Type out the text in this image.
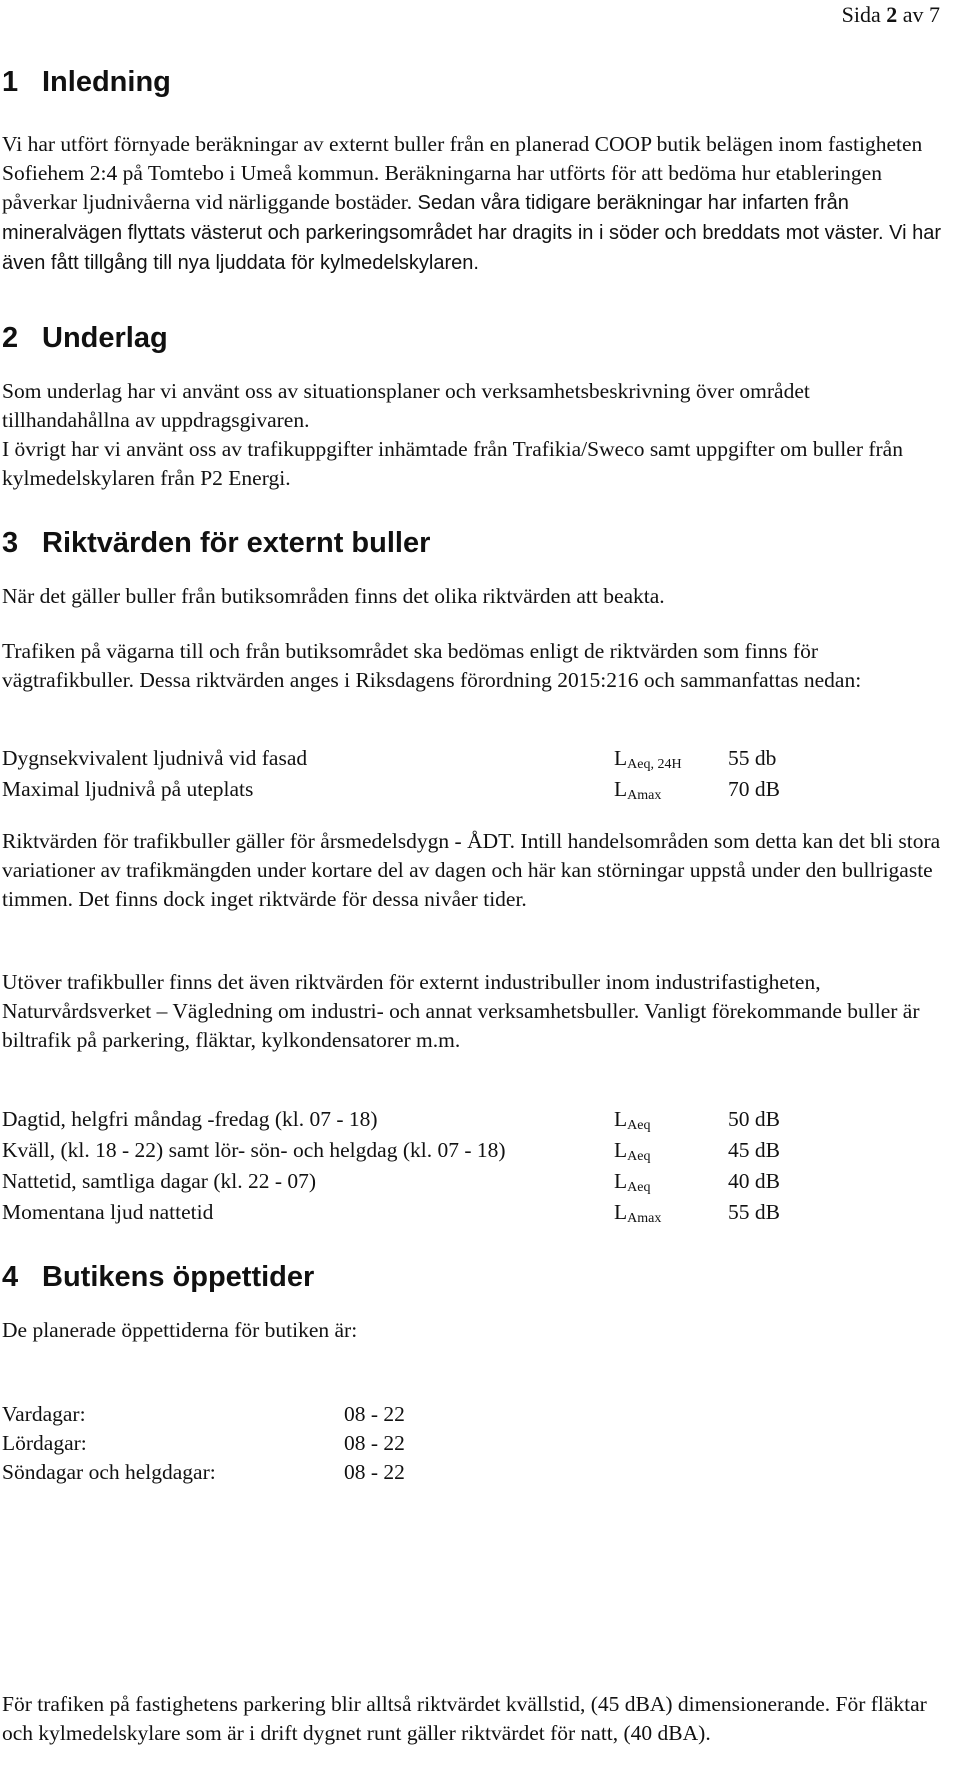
Sida 2 av 7
1 Inledning

Vi har utfört förnyade beräkningar av externt buller från en planerad COOP butik belägen inom fastigheten Sofiehem 2:4 på Tomtebo i Umeå kommun. Beräkningarna har utförts för att bedöma hur etableringen påverkar ljudnivåerna vid närliggande bostäder. Sedan våra tidigare beräkningar har infarten från mineralvägen flyttats västerut och parkeringsområdet har dragits in i söder och breddats mot väster. Vi har även fått tillgång till nya ljuddata för kylmedelskylaren.

2 Underlag

Som underlag har vi använt oss av situationsplaner och verksamhetsbeskrivning över området tillhandahållna av uppdragsgivaren.

I övrigt har vi använt oss av trafikuppgifter inhämtade från Trafikia/Sweco samt uppgifter om buller från kylmedelskylaren från P2 Energi.

3 Riktvärden för externt buller

När det gäller buller från butiksområden finns det olika riktvärden att beakta.

Trafiken på vägarna till och från butiksområdet ska bedömas enligt de riktvärden som finns för vägtrafikbuller. Dessa riktvärden anges i Riksdagens förordning 2015:216 och sammanfattas nedan:

Dygnsekvivalent ljudnivå vid fasad	$L_{Aeq, 24H}$ 55 db
Maximal ljudnivå på uteplats	$L_{Amax}$	70 dB

Riktvärden för trafikbuller gäller för årsmedelsdygn - ÅDT. Intill handelsområden som detta kan det bli stora variationer av trafikmängden under kortare del av dagen och här kan störningar uppstå under den bullrigaste timmen. Det finns dock inget riktvärde för dessa nivåer tider.

Utöver trafikbuller finns det även riktvärden för externt industribuller inom industrifastigheten, Naturvårdsverket – Vägledning om industri- och annat verksamhetsbuller. Vanligt förekommande buller är biltrafik på parkering, fläktar, kylkondensatorer m.m.

Dagtid, helgfri måndag -fredag (kl. 07 - 18)	$L_{Aeq}$	50 dB
Kväll, (kl. 18 - 22) samt lör- sön- och helgdag (kl. 07 - 18)	$L_{Aeq}$	45 dB
Nattetid, samtliga dagar (kl. 22 - 07)	$L_{Aeq}$	40 dB
Momentana ljud nattetid	$L_{Amax}$	55 dB
4 Butikens öppettider

De planerade öppettiderna för butiken är:

Vardagar:	08 - 22
Lördagar:	08 - 22
Söndagar och helgdagar:	08 - 22

För trafiken på fastighetens parkering blir alltså riktvärdet kvällstid, (45 dBA) dimensionerande. För fläktar och kylmedelskylare som är i drift dygnet runt gäller riktvärdet för natt, (40 dBA).
